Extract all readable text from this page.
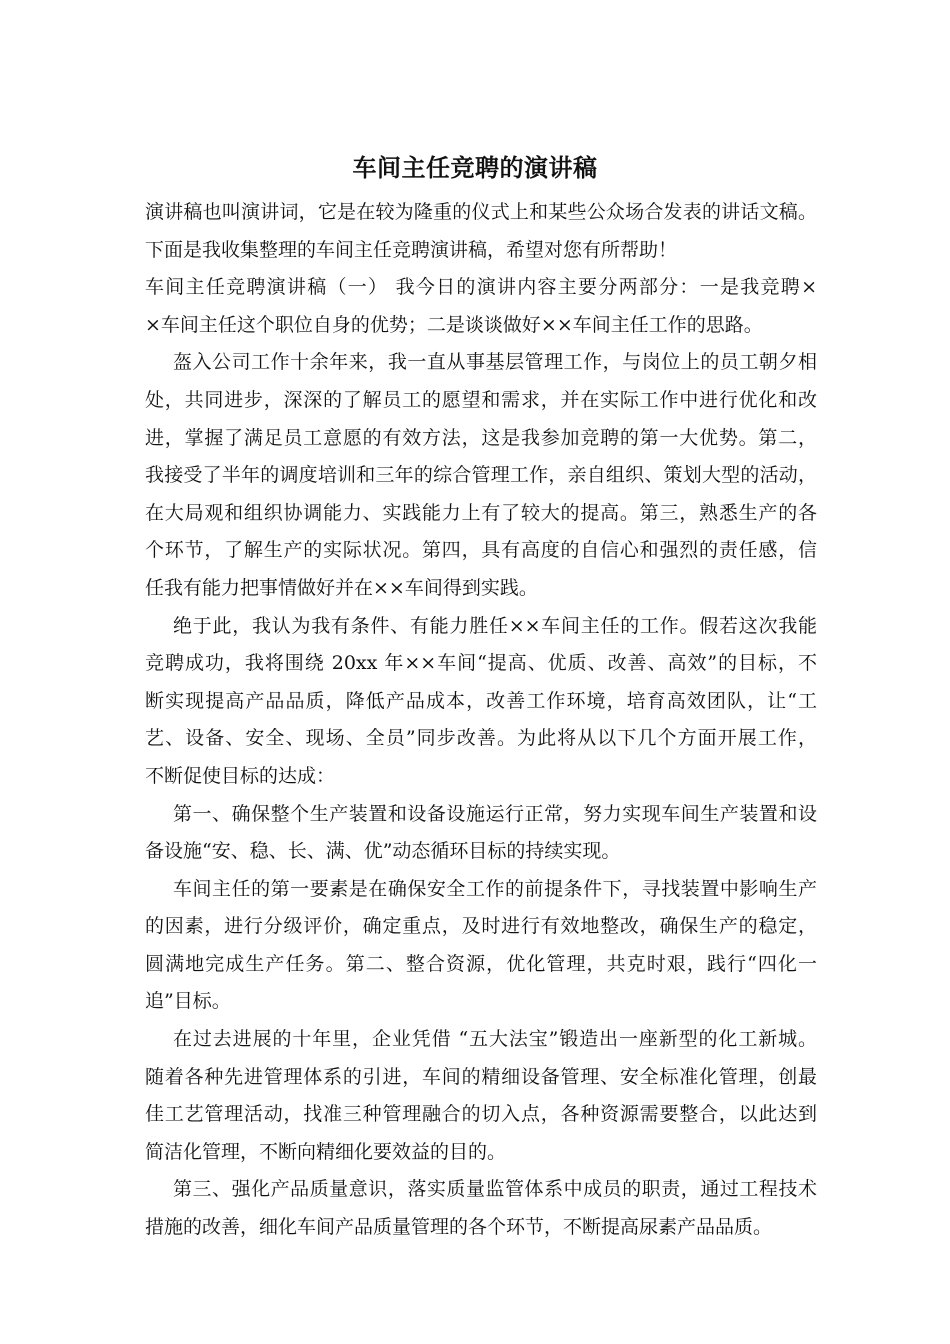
车间主任竞聘的演讲稿
演讲稿也叫演讲词，它是在较为隆重的仪式上和某些公众场合发表的讲话文稿。
下面是我收集整理的车间主任竞聘演讲稿，希望对您有所帮助！
车间主任竞聘演讲稿（一） 我今日的演讲内容主要分两部分：一是我竞聘×
×车间主任这个职位自身的优势；二是谈谈做好××车间主任工作的思路。
盔入公司工作十余年来，我一直从事基层管理工作，与岗位上的员工朝夕相
处，共同进步，深深的了解员工的愿望和需求，并在实际工作中进行优化和改
进，掌握了满足员工意愿的有效方法，这是我参加竞聘的第一大优势。第二，
我接受了半年的调度培训和三年的综合管理工作，亲自组织、策划大型的活动，
在大局观和组织协调能力、实践能力上有了较大的提高。第三，熟悉生产的各
个环节，了解生产的实际状况。第四，具有高度的自信心和强烈的责任感，信
任我有能力把事情做好并在××车间得到实践。
绝于此，我认为我有条件、有能力胜任××车间主任的工作。假若这次我能
竞聘成功，我将围绕 20xx 年××车间“提高、优质、改善、高效”的目标，不
断实现提高产品品质，降低产品成本，改善工作环境，培育高效团队，让“工
艺、设备、安全、现场、全员”同步改善。为此将从以下几个方面开展工作，
不断促使目标的达成：
第一、确保整个生产装置和设备设施运行正常，努力实现车间生产装置和设
备设施“安、稳、长、满、优”动态循环目标的持续实现。
车间主任的第一要素是在确保安全工作的前提条件下，寻找装置中影响生产
的因素，进行分级评价，确定重点，及时进行有效地整改，确保生产的稳定，
圆满地完成生产任务。第二、整合资源，优化管理，共克时艰，践行“四化一
追”目标。
在过去进展的十年里，企业凭借 “五大法宝”锻造出一座新型的化工新城。
随着各种先进管理体系的引进，车间的精细设备管理、安全标准化管理，创最
佳工艺管理活动，找准三种管理融合的切入点，各种资源需要整合，以此达到
简洁化管理，不断向精细化要效益的目的。
第三、强化产品质量意识，落实质量监管体系中成员的职责，通过工程技术
措施的改善，细化车间产品质量管理的各个环节，不断提高尿素产品品质。
